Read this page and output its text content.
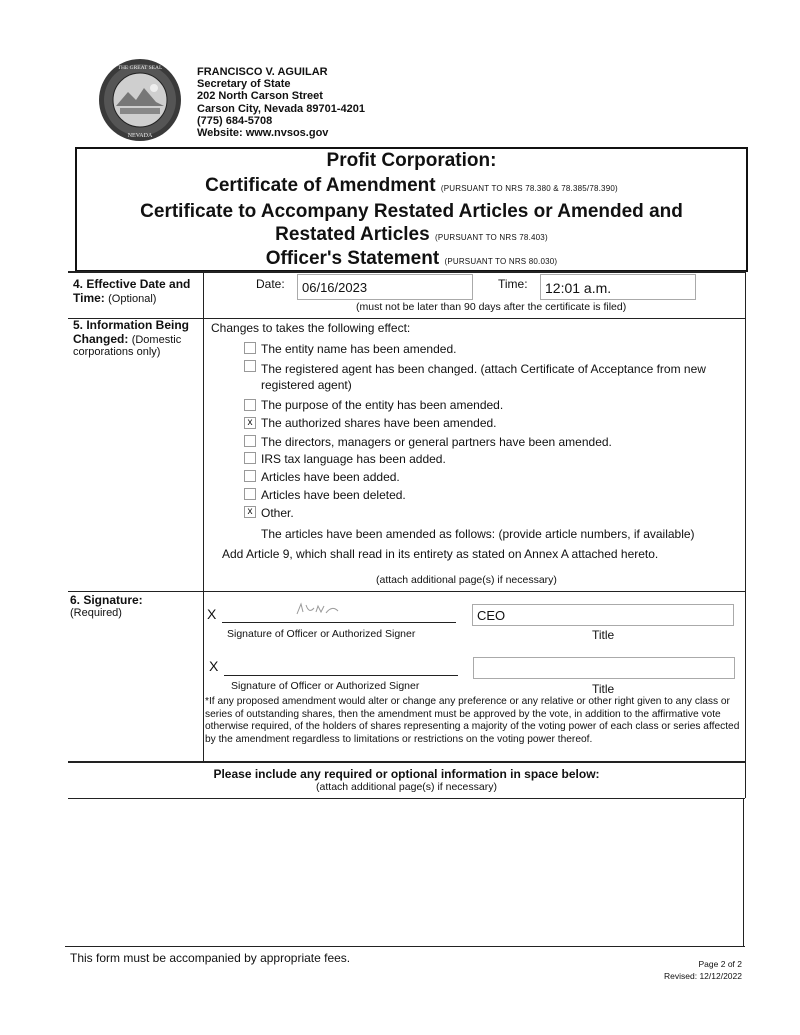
THE GREAT SEAL
NEVADA
FRANCISCO V. AGUILAR
Secretary of State
202 North Carson Street
Carson City, Nevada 89701-4201
(775) 684-5708
Website: www.nvsos.gov
Profit Corporation:
Certificate of Amendment (PURSUANT TO NRS 78.380 & 78.385/78.390)
Certificate to Accompany Restated Articles or Amended and
Restated Articles (PURSUANT TO NRS 78.403)
Officer's Statement (PURSUANT TO NRS 80.030)
4. Effective Date and
Time: (Optional)
Date: 06/16/2023	Time: 12:01 a.m.
(must not be later than 90 days after the certificate is filed)
5. Information Being
Changed: (Domestic
corporations only)
Changes to takes the following effect:
The entity name has been amended.
The registered agent has been changed. (attach Certificate of Acceptance from new
registered agent)
The purpose of the entity has been amended.
x The authorized shares have been amended.
The directors, managers or general partners have been amended.
IRS tax language has been added.
Articles have been added.
Articles have been deleted.
x Other.
The articles have been amended as follows: (provide article numbers, if available)
Add Article 9, which shall read in its entirety as stated on Annex A attached hereto.
(attach additional page(s) if necessary)
6. Signature:
(Required)	X
Signature of Officer or Authorized Signer
CEO
Title
X
Signature of Officer or Authorized Signer	Title
*If any proposed amendment would alter or change any preference or any relative or other right given to any class or series of outstanding shares, then the amendment must be approved by the vote, in addition to the affirmative vote otherwise required, of the holders of shares representing a majority of the voting power of each class or series affected by the amendment regardless to limitations or restrictions on the voting power thereof.
Please include any required or optional information in space below:
(attach additional page(s) if necessary)
This form must be accompanied by appropriate fees.	Page 2 of 2
Revised: 12/12/2022
